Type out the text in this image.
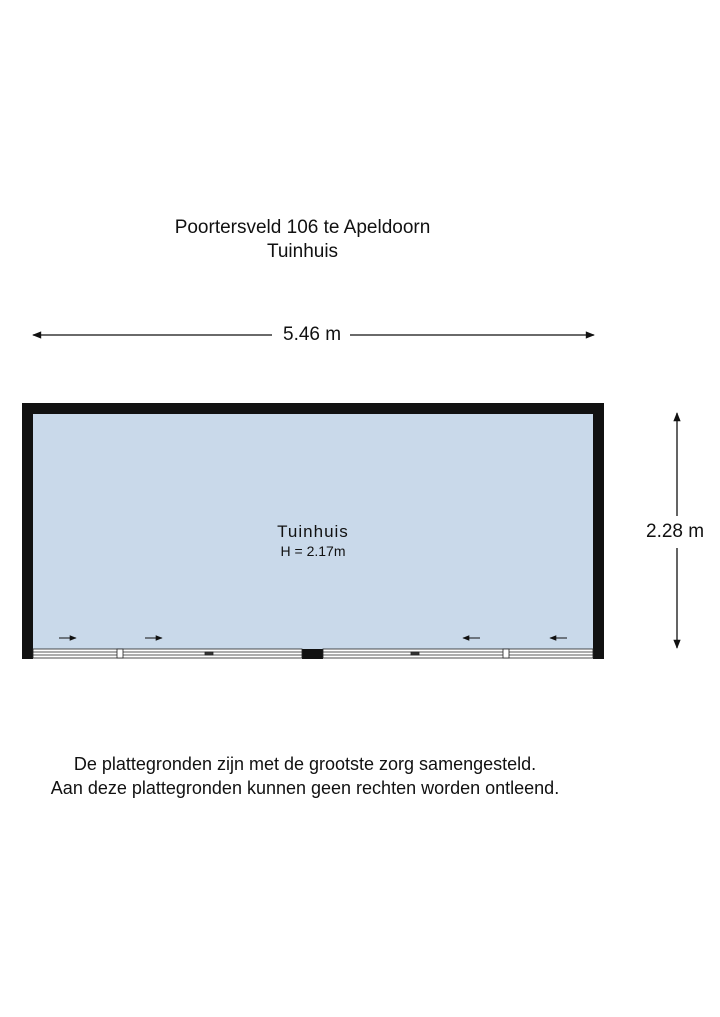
Poortersveld 106 te Apeldoorn
Tuinhuis
5.46 m
2.28 m
Tuinhuis
H = 2.17m
De plattegronden zijn met de grootste zorg samengesteld.
Aan deze plattegronden kunnen geen rechten worden ontleend.
